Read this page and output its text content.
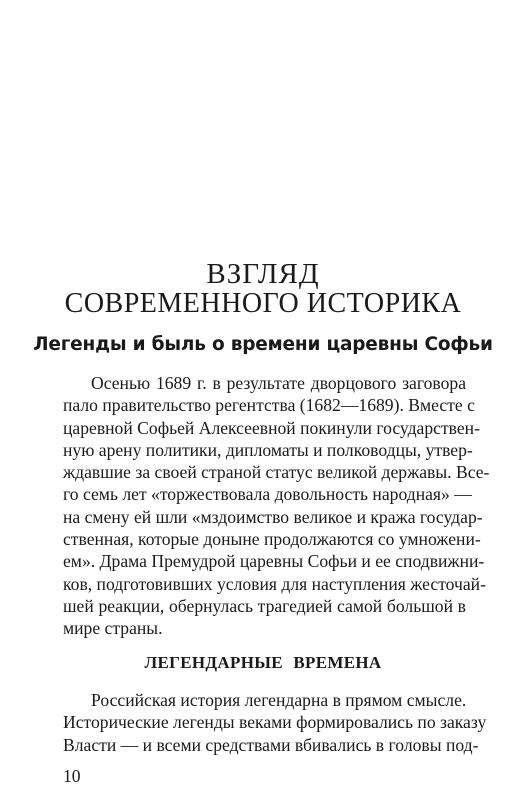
ВЗГЛЯД
СОВРЕМЕННОГО ИСТОРИКА
Легенды и быль о времени царевны Софьи
Осенью 1689 г. в результате дворцового заговора
пало правительство регентства (1682—1689). Вместе с
царевной Софьей Алексеевной покинули государствен-
ную арену политики, дипломаты и полководцы, утвер-
ждавшие за своей страной статус великой державы. Все-
го семь лет «торжествовала довольность народная» —
на смену ей шли «мздоимство великое и кража государ-
ственная, которые доныне продолжаются со умножени-
ем». Драма Премудрой царевны Софьи и ее сподвижни-
ков, подготовивших условия для наступления жесточай-
шей реакции, обернулась трагедией самой большой в
мире страны.
ЛЕГЕНДАРНЫЕ ВРЕМЕНА
Российская история легендарна в прямом смысле.
Исторические легенды веками формировались по заказу
Власти — и всеми средствами вбивались в головы под-
10
